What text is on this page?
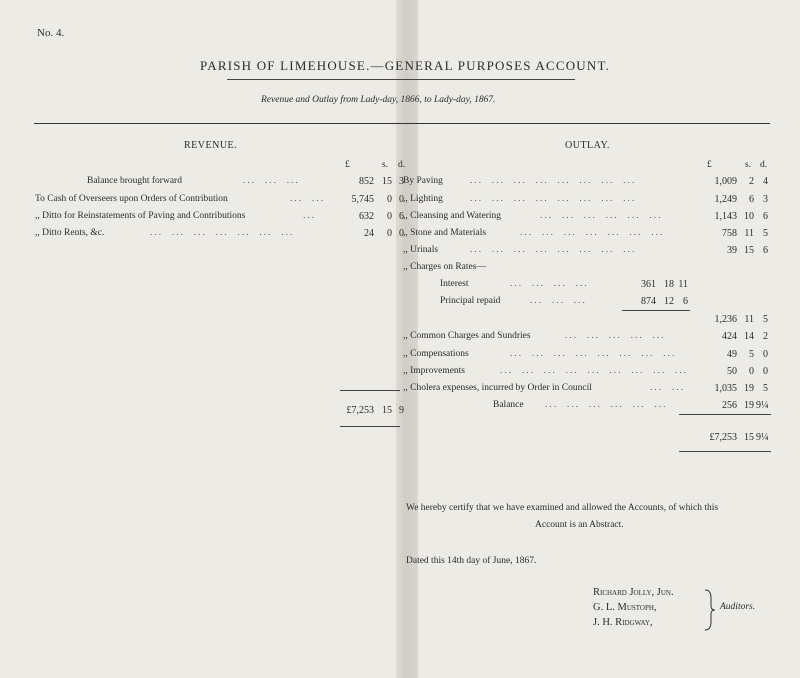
No. 4.
PARISH OF LIMEHOUSE.—GENERAL PURPOSES ACCOUNT.
Revenue and Outlay from Lady-day, 1866, to Lady-day, 1867.
REVENUE.
£	s. d.
Balance brought forward	...  ...  ...	852 15 3
To Cash of Overseers upon Orders of Contribution	...  ...	5,745	0 0
,, Ditto for Reinstatements of Paving and Contributions	...	632	0 6
,, Ditto Rents, &c.	...  ...  ...  ...  ...  ...  ...	24	0 0
£7,253 15 9
OUTLAY.
£	s. d.
By Paving	...  ...  ...  ...  ...  ...  ...  ...	1,009	2 4
,, Lighting	...  ...  ...  ...  ...  ...  ...  ...	1,249	6 3
,, Cleansing and Watering	...  ...  ...  ...  ...  ...	1,143 10 6
,, Stone and Materials	...  ...  ...  ...  ...  ...  ...	758 11 5
,, Urinals	...  ...  ...  ...  ...  ...  ...  ...	39 15 6
,, Charges on Rates—
Interest	...  ...  ...  ...	361 18 11
Principal repaid	...  ...  ...	874 12 6
1,236 11 5
,, Common Charges and Sundries	...  ...  ...  ...  ...	424 14 2
,, Compensations	...  ...  ...  ...  ...  ...  ...  ...	49	5 0
,, Improvements	...  ...  ...  ...  ...  ...  ...  ...  ...	50	0 0
,, Cholera expenses, incurred by Order in Council	...  ...	1,035 19 5
Balance ...  ...  ...  ...  ...  ...	256 19 9¼
£7,253 15 9¼
We hereby certify that we have examined and allowed the Accounts, of which this
Account is an Abstract.
Dated this 14th day of June, 1867.
Richard Jolly, Jun.
G. L. Mustoph,
J. H. Ridgway,
Auditors.
